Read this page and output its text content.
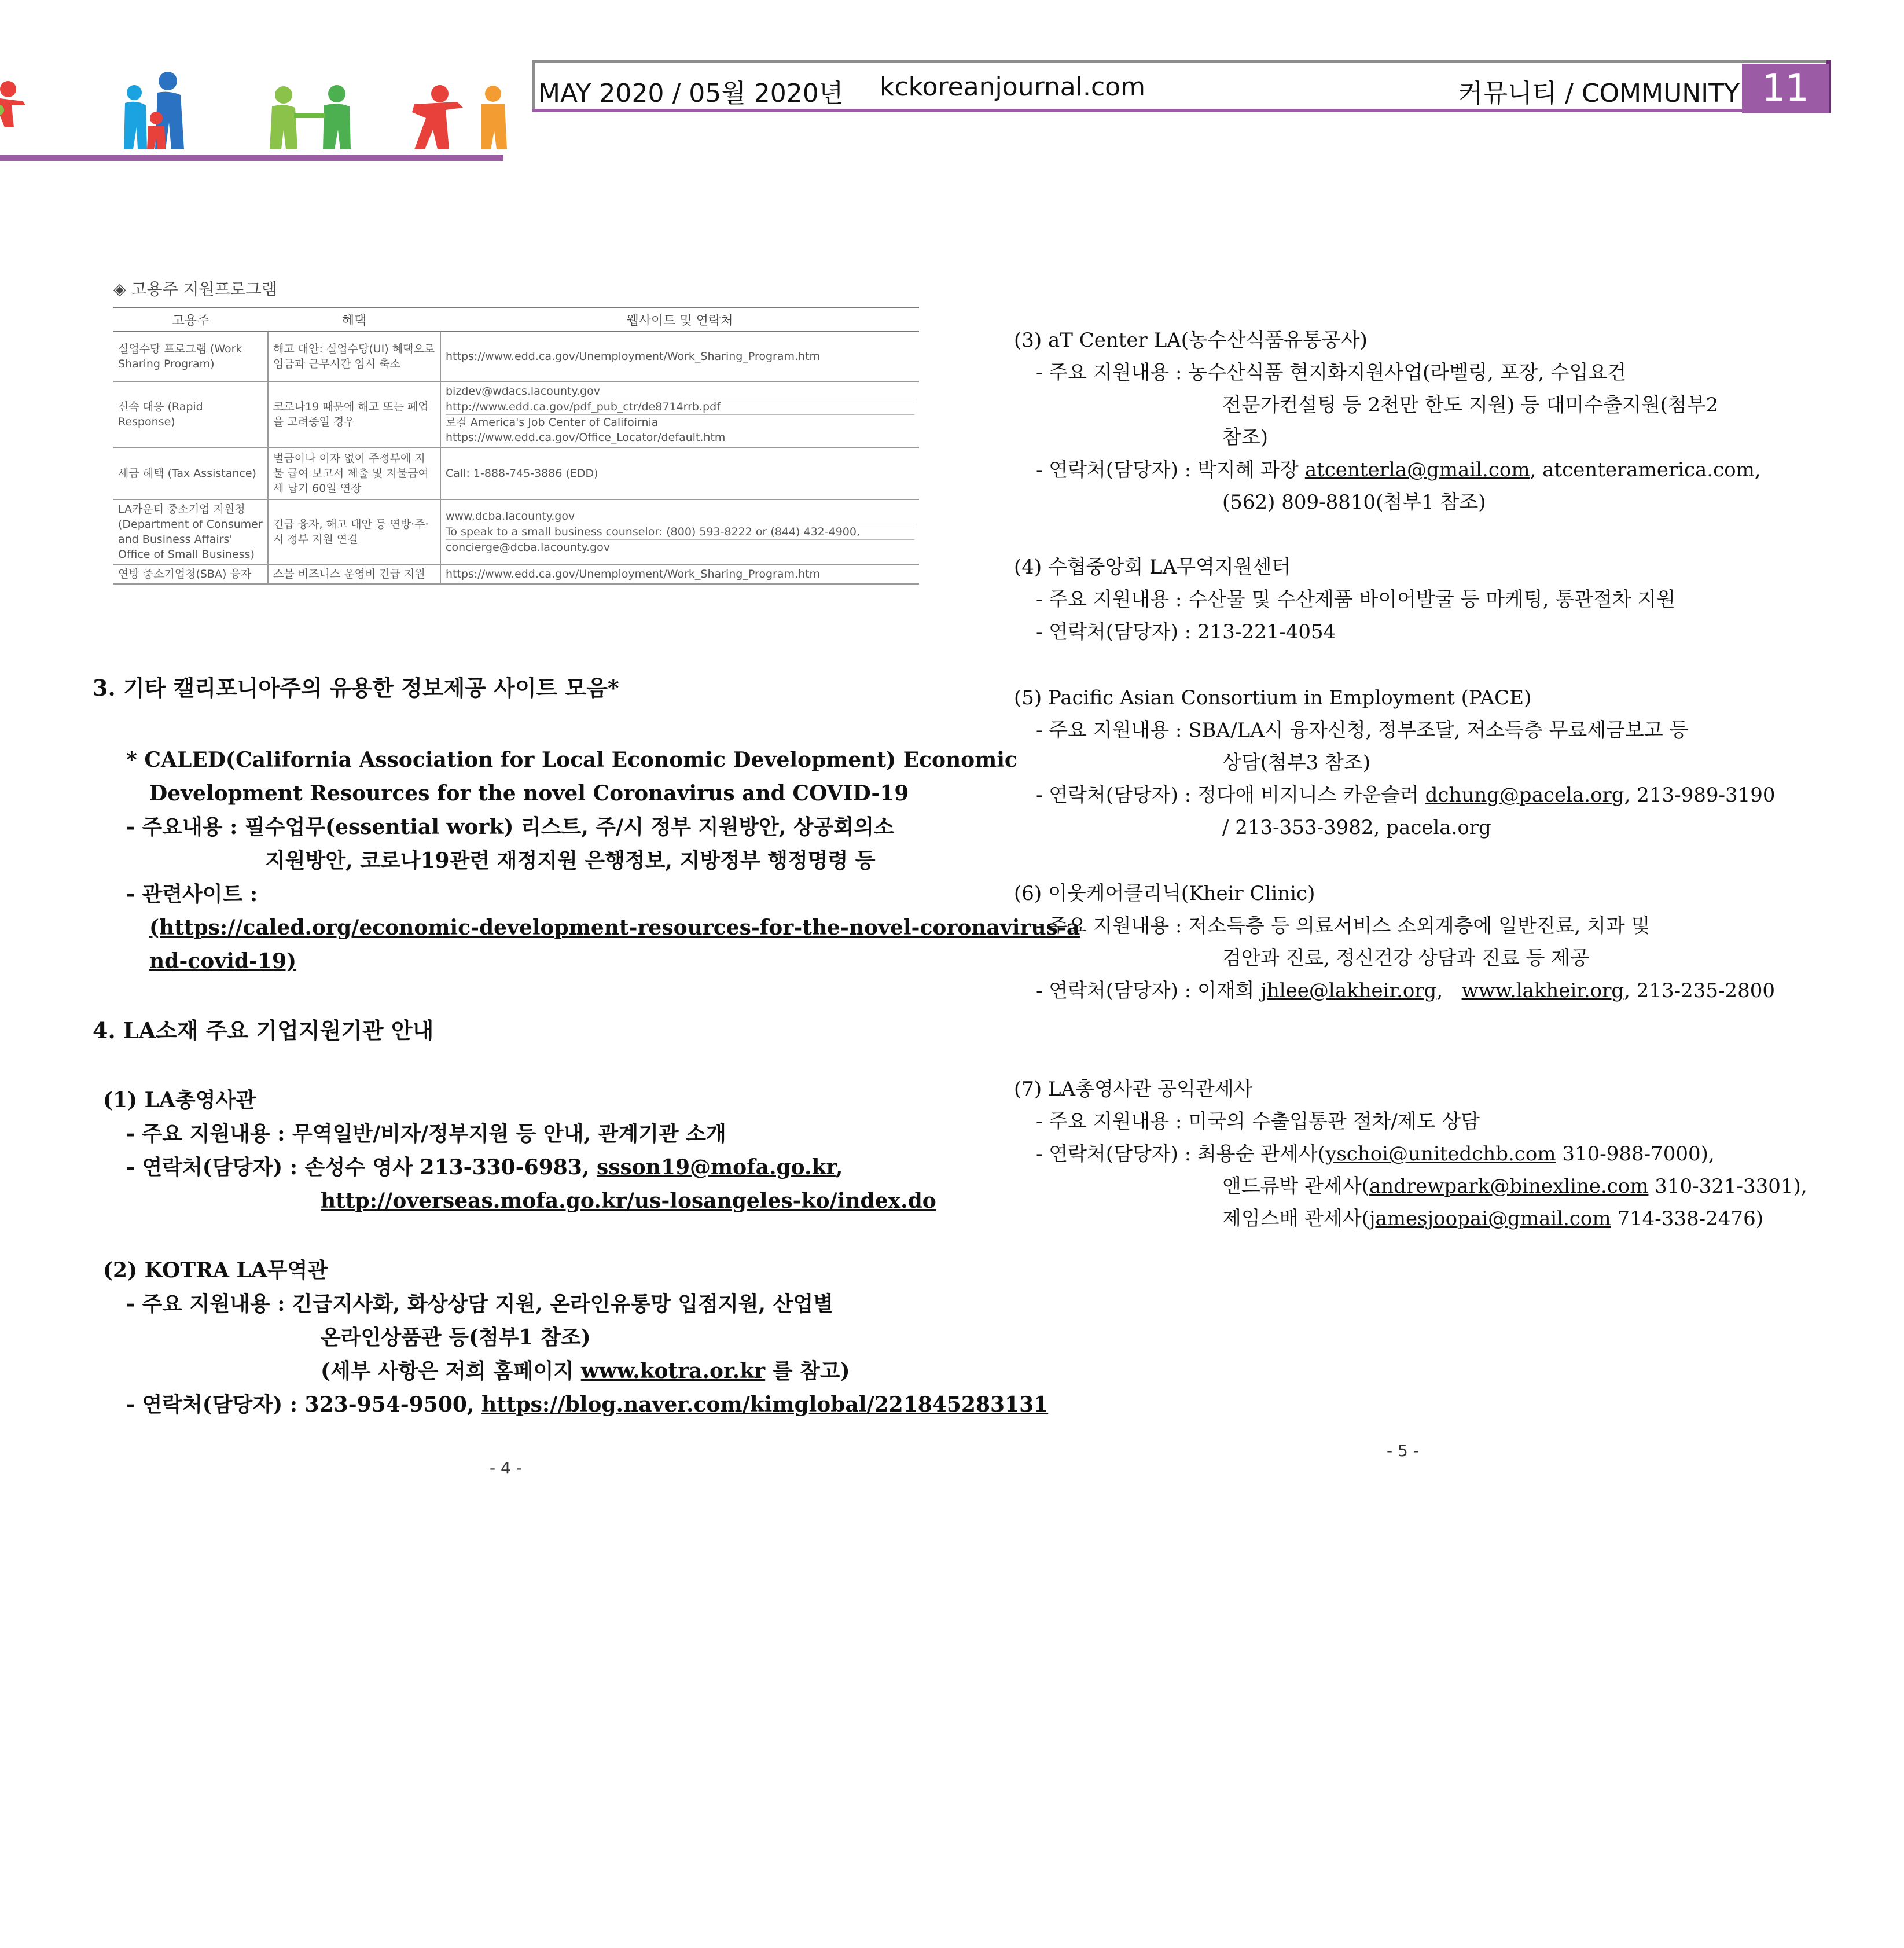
MAY 2020 / 05월 2020년 kckoreanjournal.com	커뮤니티 / COMMUNITY 11
◈ 고용주 지원프로그램
고용주	혜택	웹사이트 및 연락처
실업수당 프로그램 (Work Sharing Program)	해고 대안: 실업수당(UI) 혜택으로 임금과 근무시간 임시 축소	https://www.edd.ca.gov/Unemployment/Work_Sharing_Program.htm
신속 대응 (Rapid Response)	코로나19 때문에 해고 또는 폐업을 고려중일 경우	bizdev@wdacs.lacounty.gov
http://www.edd.ca.gov/pdf_pub_ctr/de8714rrb.pdf
로컬 America's Job Center of Califoirnia https://www.edd.ca.gov/Office_Locator/default.htm

세금 혜택 (Tax Assistance)	벌금이나 이자 없이 주정부에 지불 급여 보고서 제출 및 지불금여세 납기 60일 연장	Call: 1-888-745-3886 (EDD)
LA카운티 중소기업 지원청 (Department of Consumer and Business Affairs' Office of Small Business)	긴급 융자, 해고 대안 등 연방·주·시 정부 지원 연결	www.dcba.lacounty.gov
To speak to a small business counselor: (800) 593-8222 or (844) 432-4900,
concierge@dcba.lacounty.gov

연방 중소기업청(SBA) 융자	스몰 비즈니스 운영비 긴급 지원	https://www.edd.ca.gov/Unemployment/Work_Sharing_Program.htm
3. 기타 캘리포니아주의 유용한 정보제공 사이트 모음*
* CALED(California Association for Local Economic Development) Economic
Development Resources for the novel Coronavirus and COVID-19
- 주요내용 : 필수업무(essential work) 리스트, 주/시 정부 지원방안, 상공회의소
지원방안, 코로나19관련 재정지원 은행정보, 지방정부 행정명령 등
- 관련사이트 :
(https://caled.org/economic-development-resources-for-the-novel-coronavirus-a
nd-covid-19)
4. LA소재 주요 기업지원기관 안내
(1) LA총영사관
- 주요 지원내용 : 무역일반/비자/정부지원 등 안내, 관계기관 소개
- 연락처(담당자) : 손성수 영사 213-330-6983, ssson19@mofa.go.kr,
http://overseas.mofa.go.kr/us-losangeles-ko/index.do
(2) KOTRA LA무역관
- 주요 지원내용 : 긴급지사화, 화상상담 지원, 온라인유통망 입점지원, 산업별
온라인상품관 등(첨부1 참조)
(세부 사항은 저희 홈페이지 www.kotra.or.kr 를 참고)
- 연락처(담당자) : 323-954-9500, https://blog.naver.com/kimglobal/221845283131
- 4 -
(3) aT Center LA(농수산식품유통공사)
- 주요 지원내용 : 농수산식품 현지화지원사업(라벨링, 포장, 수입요건
전문가컨설팅 등 2천만 한도 지원) 등 대미수출지원(첨부2
참조)
- 연락처(담당자) : 박지혜 과장 atcenterla@gmail.com, atcenteramerica.com,
(562) 809-8810(첨부1 참조)
(4) 수협중앙회 LA무역지원센터
- 주요 지원내용 : 수산물 및 수산제품 바이어발굴 등 마케팅, 통관절차 지원
- 연락처(담당자) : 213-221-4054
(5) Pacific Asian Consortium in Employment (PACE)
- 주요 지원내용 : SBA/LA시 융자신청, 정부조달, 저소득층 무료세금보고 등
상담(첨부3 참조)
- 연락처(담당자) : 정다애 비지니스 카운슬러 dchung@pacela.org, 213-989-3190
/ 213-353-3982, pacela.org
(6) 이웃케어클리닉(Kheir Clinic)
- 주요 지원내용 : 저소득층 등 의료서비스 소외계층에 일반진료, 치과 및
검안과 진료, 정신건강 상담과 진료 등 제공
- 연락처(담당자) : 이재희 jhlee@lakheir.org,   www.lakheir.org, 213-235-2800
(7) LA총영사관 공익관세사
- 주요 지원내용 : 미국의 수출입통관 절차/제도 상담
- 연락처(담당자) : 최용순 관세사(yschoi@unitedchb.com 310-988-7000),
앤드류박 관세사(andrewpark@binexline.com 310-321-3301),
제임스배 관세사(jamesjoopai@gmail.com 714-338-2476)
- 5 -
